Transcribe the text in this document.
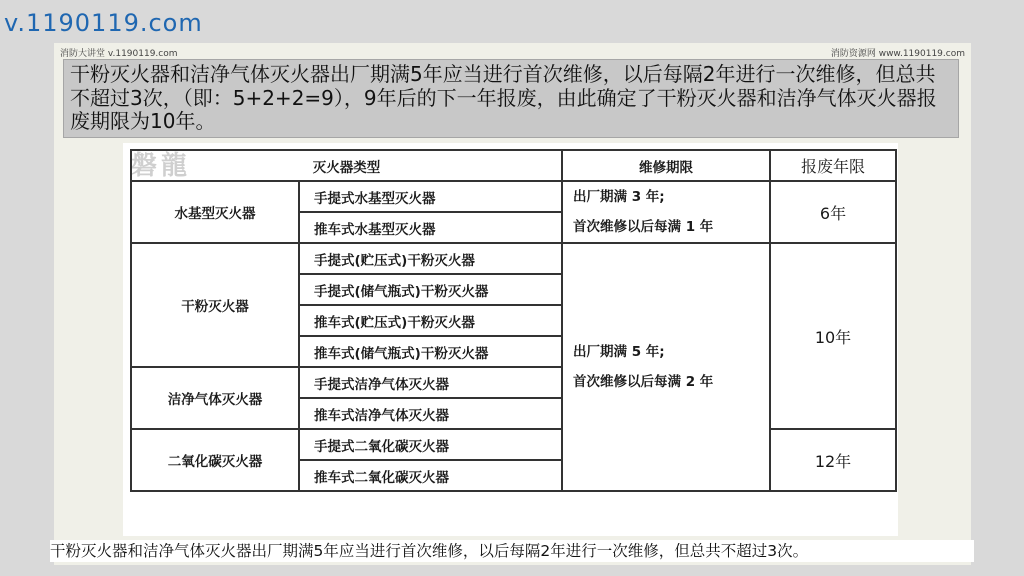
v.1190119.com
消防大讲堂 v.1190119.com	消防资源网 www.1190119.com
干粉灭火器和洁净气体灭火器出厂期满5年应当进行首次维修，以后每隔2年进行一次维修，但总共不超过3次，（即：5+2+2=9），9年后的下一年报废，由此确定了干粉灭火器和洁净气体灭火器报废期限为10年。
磐龍	灭火器类型		维修期限	报废年限
水基型灭火器	手提式水基型灭火器	出厂期满 3 年;
首次维修以后每满 1 年	6年
	推车式水基型灭火器		
干粉灭火器	手提式(贮压式)干粉灭火器	出厂期满 5 年;
首次维修以后每满 2 年	10年
	手提式(储气瓶式)干粉灭火器		
	推车式(贮压式)干粉灭火器		
	推车式(储气瓶式)干粉灭火器		
洁净气体灭火器	手提式洁净气体灭火器		
	推车式洁净气体灭火器		
二氧化碳灭火器	手提式二氧化碳灭火器		12年
	推车式二氧化碳灭火器		
干粉灭火器和洁净气体灭火器出厂期满5年应当进行首次维修，以后每隔2年进行一次维修，但总共不超过3次。
